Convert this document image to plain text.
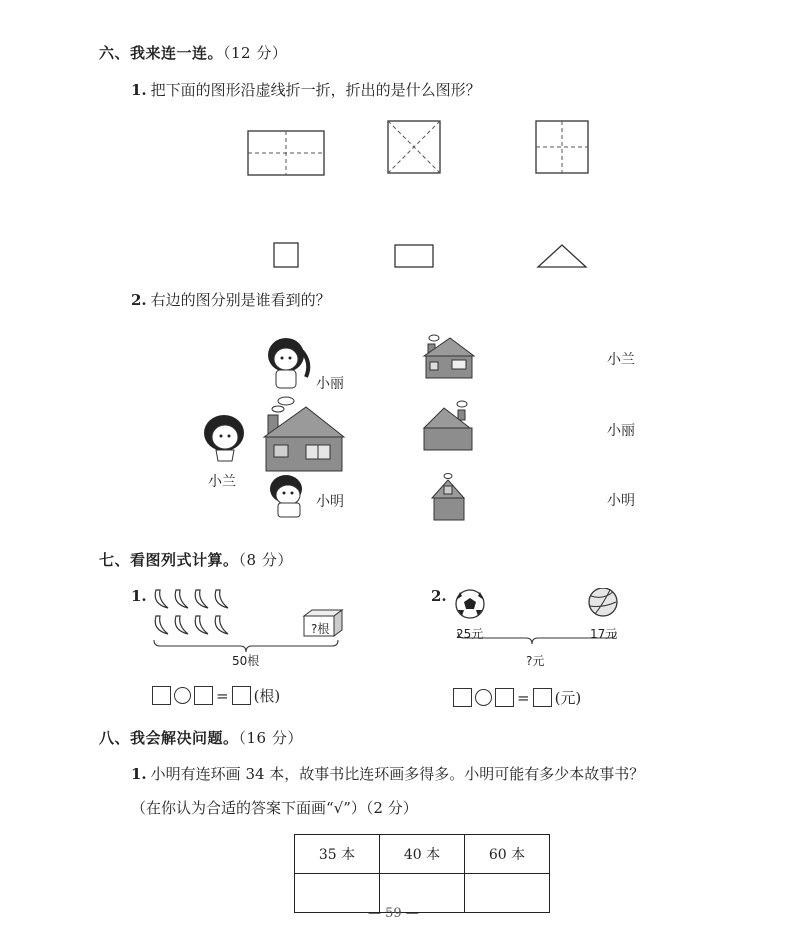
六、我来连一连。（12 分）
1. 把下面的图形沿虚线折一折，折出的是什么图形？
2. 右边的图分别是谁看到的？
小丽
小兰
小明
小兰
小丽
小明
七、看图列式计算。（8 分）
1.
?根
50根
= (根)
2.
25元	17元
?元
= (元)
八、我会解决问题。（16 分）
1. 小明有连环画 34 本，故事书比连环画多得多。小明可能有多少本故事书？
（在你认为合适的答案下面画“√”）（2 分）
35 本	40 本	60 本

— 59 —
